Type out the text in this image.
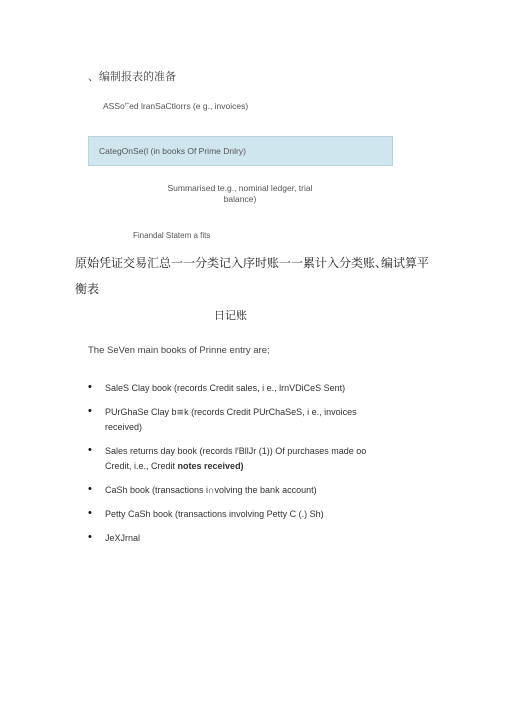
、编制报表的准备
ASSo′ˆed lranSaCtlorrs (e g., invoices)
CategOnSe(l (in books Of Prime Dnlry)
Summarised te.g., nominal ledger, trial
balance)
Finandal Statem a fits
原始凭证交易汇总一一分类记入序时账一一累计入分类账、
编试算平
衡表
日记账
The SeVen main books of Prinne entry are;
• SaleS Clay book (records Credit sales, i e., lrnVDiCeS Sent)
• PUrGhaSe Clay b≅k (records Credit PUrChaSeS, i e., invoices
received)
• Sales returns day book (records l′BllJr (1)) Of purchases made oo
Credit, i.e., Credit notes received)
• CaSh book (transactions i∩volving the bank account)
• Petty CaSh book (transactions involving Petty C (.) Sh)
• JeXJrnal
